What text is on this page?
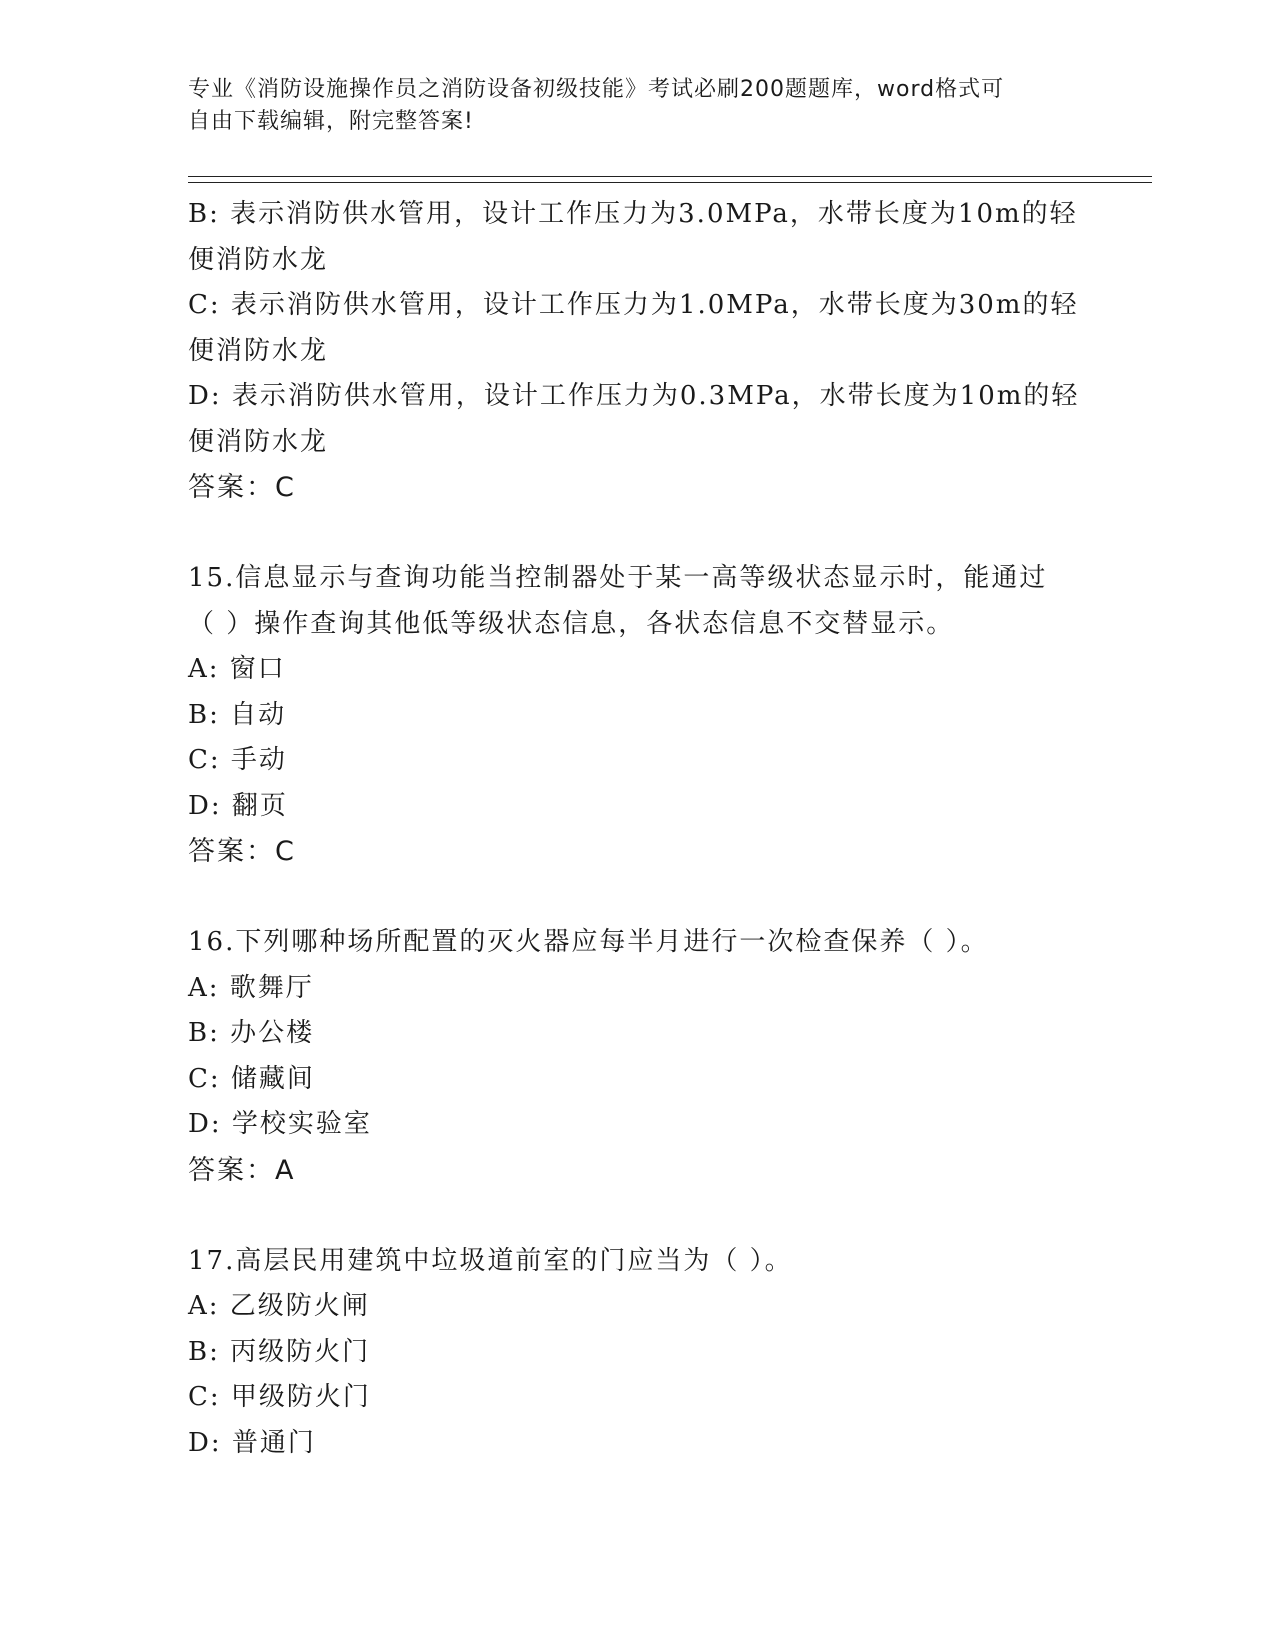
专业《消防设施操作员之消防设备初级技能》考试必刷200题题库，word格式可
自由下载编辑，附完整答案!
B: 表示消防供水管用，设计工作压力为3.0MPa，水带长度为10m的轻
便消防水龙
C: 表示消防供水管用，设计工作压力为1.0MPa，水带长度为30m的轻
便消防水龙
D: 表示消防供水管用，设计工作压力为0.3MPa，水带长度为10m的轻
便消防水龙
答案：C
15.信息显示与查询功能当控制器处于某一高等级状态显示时，能通过
（ ）操作查询其他低等级状态信息，各状态信息不交替显示。
A: 窗口
B: 自动
C: 手动
D: 翻页
答案：C
16.下列哪种场所配置的灭火器应每半月进行一次检查保养（ ）。
A: 歌舞厅
B: 办公楼
C: 储藏间
D: 学校实验室
答案：A
17.高层民用建筑中垃圾道前室的门应当为（ ）。
A: 乙级防火闸
B: 丙级防火门
C: 甲级防火门
D: 普通门
